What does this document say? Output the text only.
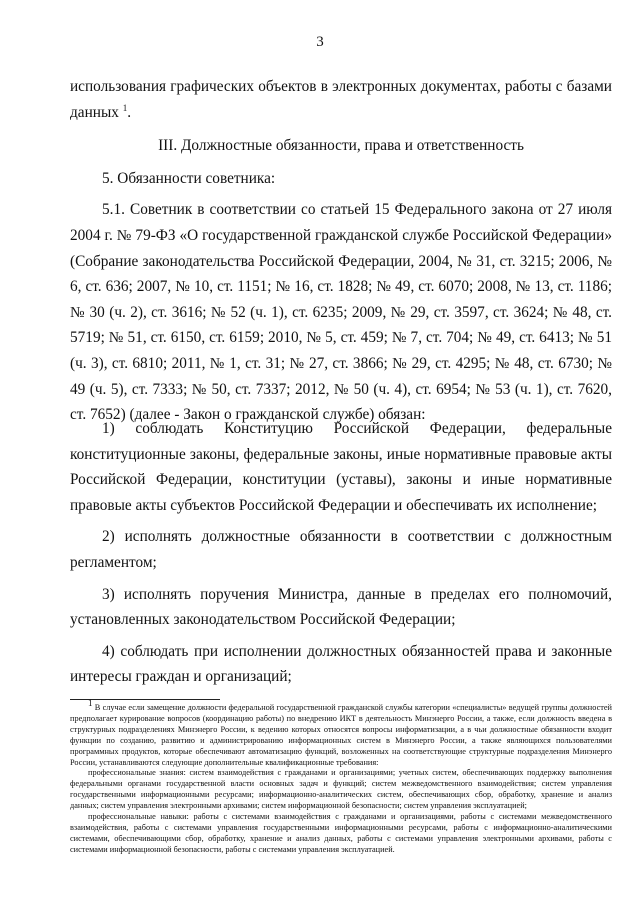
3

использования графических объектов в электронных документах, работы с базами данных $^1$.

III. Должностные обязанности, права и ответственность

5. Обязанности советника:

5.1. Советник в соответствии со статьей 15 Федерального закона от 27 июля 2004 г. № 79-ФЗ «О государственной гражданской службе Российской Федерации» (Собрание законодательства Российской Федерации, 2004, № 31, ст. 3215; 2006, № 6, ст. 636; 2007, № 10, ст. 1151; № 16, ст. 1828; № 49, ст. 6070; 2008, № 13, ст. 1186; № 30 (ч. 2), ст. 3616; № 52 (ч. 1), ст. 6235; 2009, № 29, ст. 3597, ст. 3624; № 48, ст. 5719; № 51, ст. 6150, ст. 6159; 2010, № 5, ст. 459; № 7, ст. 704; № 49, ст. 6413; № 51 (ч. 3), ст. 6810; 2011, № 1, ст. 31; № 27, ст. 3866; № 29, ст. 4295; № 48, ст. 6730; № 49 (ч. 5), ст. 7333; № 50, ст. 7337; 2012, № 50 (ч. 4), ст. 6954; № 53 (ч. 1), ст. 7620, ст. 7652) (далее - Закон о гражданской службе) обязан:

1) соблюдать Конституцию Российской Федерации, федеральные конституционные законы, федеральные законы, иные нормативные правовые акты Российской Федерации, конституции (уставы), законы и иные нормативные правовые акты субъектов Российской Федерации и обеспечивать их исполнение;

2) исполнять должностные обязанности в соответствии с должностным регламентом;

3) исполнять поручения Министра, данные в пределах его полномочий, установленных законодательством Российской Федерации;

4) соблюдать при исполнении должностных обязанностей права и законные интересы граждан и организаций;

$^1$ В случае если замещение должности федеральной государственной гражданской службы категории «специалисты» ведущей группы должностей предполагает курирование вопросов (координацию работы) по внедрению ИКТ в деятельность Минэнерго России, а также, если должность введена в структурных подразделениях Минэнерго России, к ведению которых относятся вопросы информатизации, а в чьи должностные обязанности входит функции по созданию, развитию и администрированию информационных систем в Минэнерго России, а также являющихся пользователями программных продуктов, которые обеспечивают автоматизацию функций, возложенных на соответствующие структурные подразделения Минэнерго России, устанавливаются следующие дополнительные квалификационные требования:

профессиональные знания: систем взаимодействия с гражданами и организациями; учетных систем, обеспечивающих поддержку выполнения федеральными органами государственной власти основных задач и функций; систем межведомственного взаимодействия; систем управления государственными информационными ресурсами; информационно-аналитических систем, обеспечивающих сбор, обработку, хранение и анализ данных; систем управления электронными архивами; систем информационной безопасности; систем управления эксплуатацией;

профессиональные навыки: работы с системами взаимодействия с гражданами и организациями, работы с системами межведомственного взаимодействия, работы с системами управления государственными информационными ресурсами, работы с информационно-аналитическими системами, обеспечивающими сбор, обработку, хранение и анализ данных, работы с системами управления электронными архивами, работы с системами информационной безопасности, работы с системами управления эксплуатацией.
